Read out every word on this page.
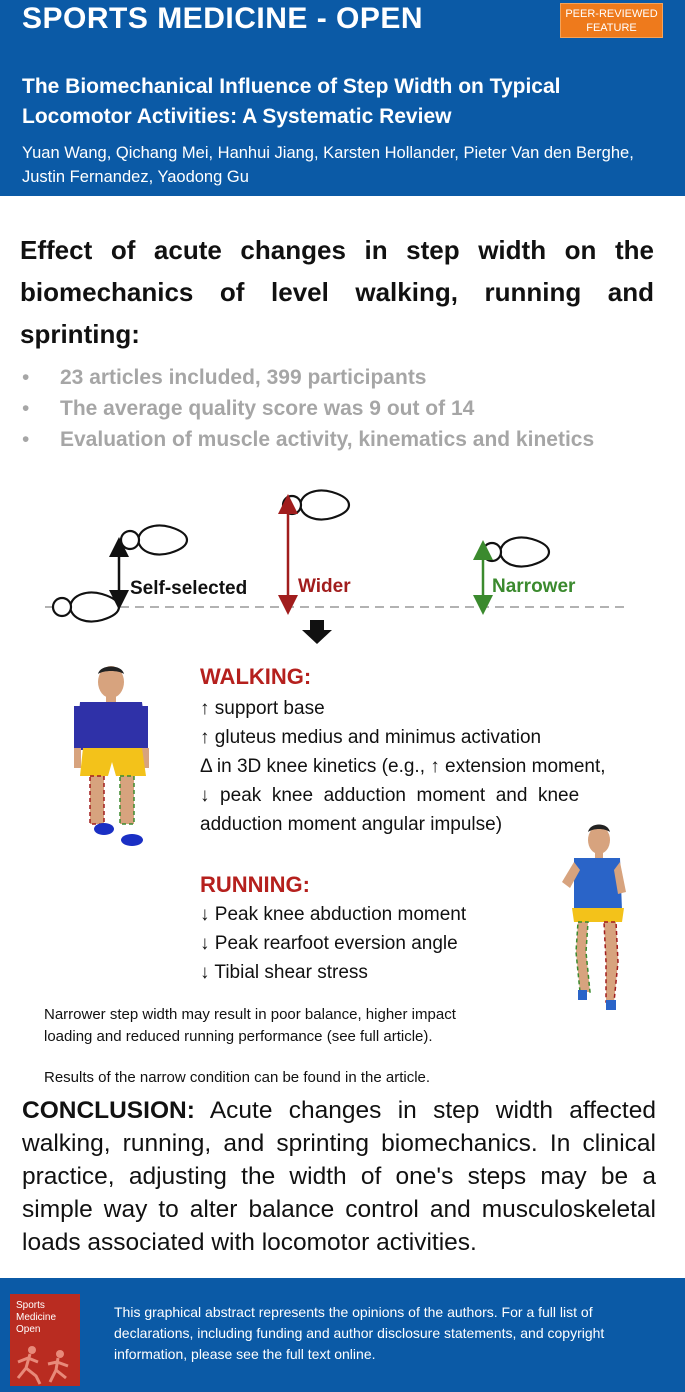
SPORTS MEDICINE - OPEN	PEER-REVIEWED
FEATURE
The Biomechanical Influence of Step Width on Typical Locomotor Activities: A Systematic Review
Yuan Wang, Qichang Mei, Hanhui Jiang, Karsten Hollander, Pieter Van den Berghe, Justin Fernandez, Yaodong Gu
Effect of acute changes in step width on the biomechanics of level walking, running and sprinting:
• 23 articles included, 399 participants
• The average quality score was 9 out of 14
• Evaluation of muscle activity, kinematics and kinetics
Self-selected	Wider	Narrower
WALKING:
↑ support base
↑ gluteus medius and minimus activation
Δ in 3D knee kinetics (e.g., ↑ extension moment,
↓  peak  knee  adduction  moment  and  knee
adduction moment angular impulse)
RUNNING:
↓ Peak knee abduction moment
↓ Peak rearfoot eversion angle
↓ Tibial shear stress
Narrower step width may result in poor balance, higher impact
loading and reduced running performance (see full article).
Results of the narrow condition can be found in the article.
CONCLUSION: Acute changes in step width affected walking, running, and sprinting biomechanics. In clinical practice, adjusting the width of one's steps may be a simple way to alter balance control and musculoskeletal loads associated with locomotor activities.
Sports
Medicine
Open
This graphical abstract represents the opinions of the authors. For a full list of declarations, including funding and author disclosure statements, and copyright information, please see the full text online.
